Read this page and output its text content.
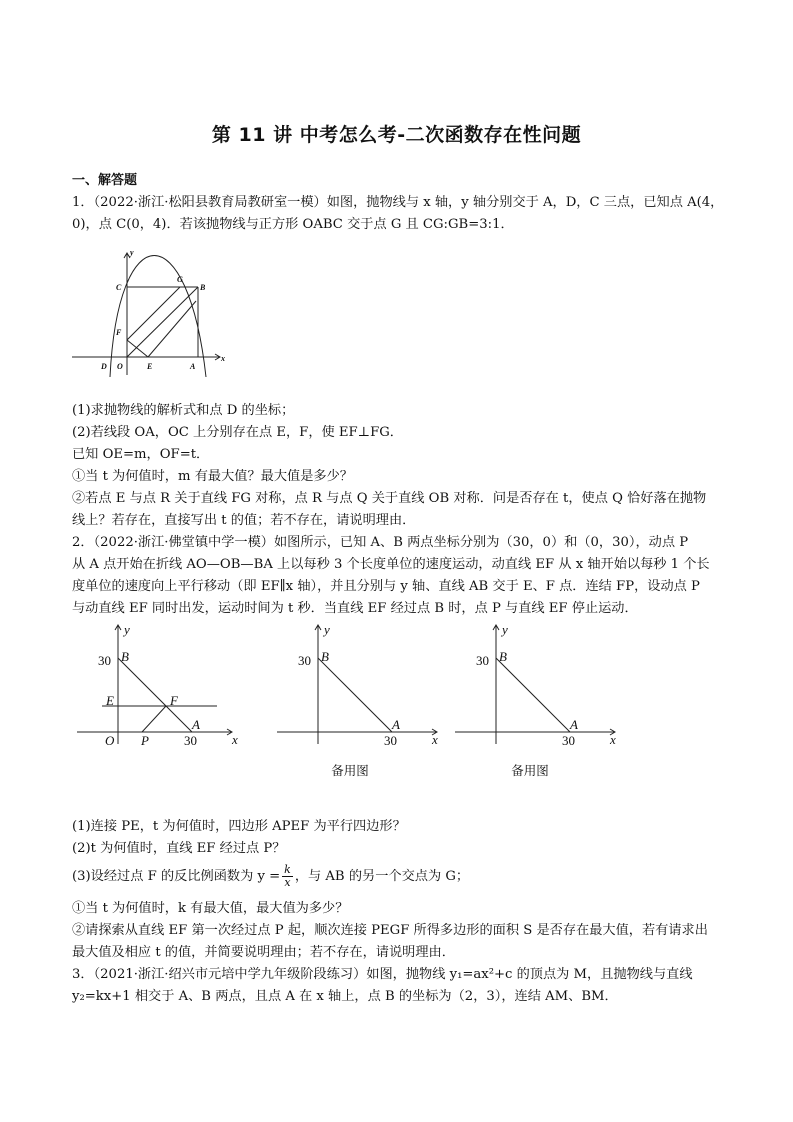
第 11 讲 中考怎么考-二次函数存在性问题
一、解答题
1．（2022·浙江·松阳县教育局教研室一模）如图，抛物线与 x 轴，y 轴分别交于 A，D，C 三点，已知点 A(4，
0)，点 C(0，4)．若该抛物线与正方形 OABC 交于点 G 且 CG:GB=3:1．
y
x
C
G
B
F
D O	E	A
(1)求抛物线的解析式和点 D 的坐标；
(2)若线段 OA，OC 上分别存在点 E，F，使 EF⊥FG．
已知 OE=m，OF=t．
①当 t 为何值时，m 有最大值？最大值是多少？
②若点 E 与点 R 关于直线 FG 对称，点 R 与点 Q 关于直线 OB 对称．问是否存在 t，使点 Q 恰好落在抛物
线上？若存在，直接写出 t 的值；若不存在，请说明理由．
2．（2022·浙江·佛堂镇中学一模）如图所示，已知 A、B 两点坐标分别为（30，0）和（0，30），动点 P
从 A 点开始在折线 AO—OB—BA 上以每秒 3 个长度单位的速度运动，动直线 EF 从 x 轴开始以每秒 1 个长
度单位的速度向上平行移动（即 EF∥x 轴），并且分别与 y 轴、直线 AB 交于 E、F 点．连结 FP，设动点 P
与动直线 EF 同时出发，运动时间为 t 秒．当直线 EF 经过点 B 时，点 P 与直线 EF 停止运动．
y
x
30 B
E	F
A
O P	30
y
x
30 B
A
30
备用图
y
x
30 B
A
30
备用图
(1)连接 PE，t 为何值时，四边形 APEF 为平行四边形？
(2)t 为何值时，直线 EF 经过点 P？
(3)设经过点 F 的反比例函数为 $y = \frac{k}{x}$ ，与 AB 的另一个交点为 G；
①当 t 为何值时，k 有最大值，最大值为多少？
②请探索从直线 EF 第一次经过点 P 起，顺次连接 PEGF 所得多边形的面积 S 是否存在最大值，若有请求出
最大值及相应 t 的值，并简要说明理由；若不存在，请说明理由．
3．（2021·浙江·绍兴市元培中学九年级阶段练习）如图，抛物线 y₁=ax²+c 的顶点为 M，且抛物线与直线
y₂=kx+1 相交于 A、B 两点，且点 A 在 x 轴上，点 B 的坐标为（2，3），连结 AM、BM．
